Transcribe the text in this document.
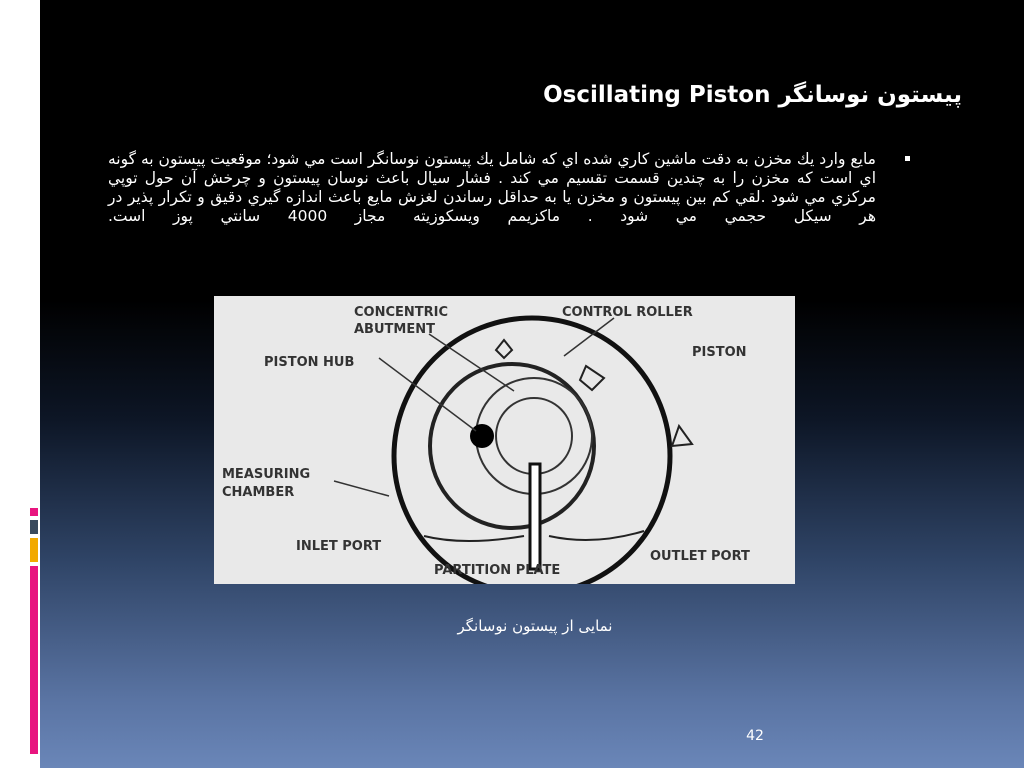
پيستون نوسانگر Oscillating Piston
مايع وارد يك مخزن به دقت ماشين كاري شده اي كه شامل يك پيستون نوسانگر است مي شود؛ موقعيت پيستون به گونه اي است كه مخزن را به چندين قسمت تقسيم مي كند . فشار سيال باعث نوسان پيستون و چرخش آن حول توپي مركزي مي شود .لقي كم بين پيستون و مخزن يا به حداقل رساندن لغزش مايع باعث اندازه گيري دقيق و تكرار پذير در هر سيكل حجمي مي شود . ماكزيمم ويسكوزيته مجاز 4000 سانتي پوز است.
CONCENTRIC
ABUTMENT
CONTROL ROLLER
PISTON
PISTON HUB
MEASURING
CHAMBER
INLET PORT
OUTLET PORT
PARTITION PLATE
نمایی از پیستون نوسانگر
42
